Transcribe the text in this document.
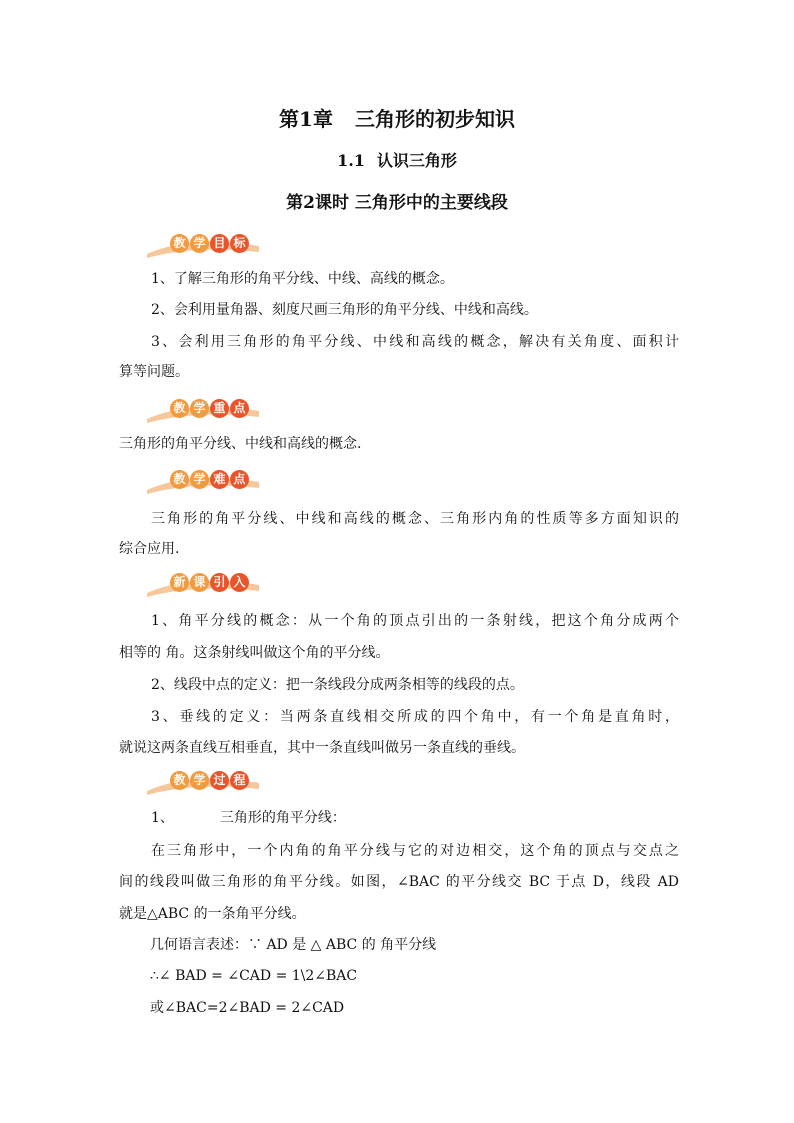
第1章 三角形的初步知识
1.1 认识三角形
第2课时 三角形中的主要线段
教 学 目 标

1、了解三角形的角平分线、中线、高线的概念。

2、会利用量角器、刻度尺画三角形的角平分线、中线和高线。

3、会利用三角形的角平分线、中线和高线的概念，解决有关角度、面积计

算等问题。

教 学 重 点

三角形的角平分线、中线和高线的概念.

教 学 难 点

三角形的角平分线、中线和高线的概念、三角形内角的性质等多方面知识的

综合应用.

新 课 引 入

1、角平分线的概念：从一个角的顶点引出的一条射线，把这个角分成两个

相等的 角。这条射线叫做这个角的平分线。

2、线段中点的定义：把一条线段分成两条相等的线段的点。

3、垂线的定义：当两条直线相交所成的四个角中，有一个角是直角时，

就说这两条直线互相垂直，其中一条直线叫做另一条直线的垂线。

教 学 过 程

1、	三角形的角平分线：

在三角形中，一个内角的角平分线与它的对边相交，这个角的顶点与交点之

间的线段叫做三角形的角平分线。如图，∠BAC 的平分线交 BC 于点 D，线段 AD

就是△ABC 的一条角平分线。

几何语言表述：∵ AD 是 △ ABC 的 角平分线

∴∠ BAD = ∠CAD = 1\2∠BAC

或∠BAC=2∠BAD = 2∠CAD
